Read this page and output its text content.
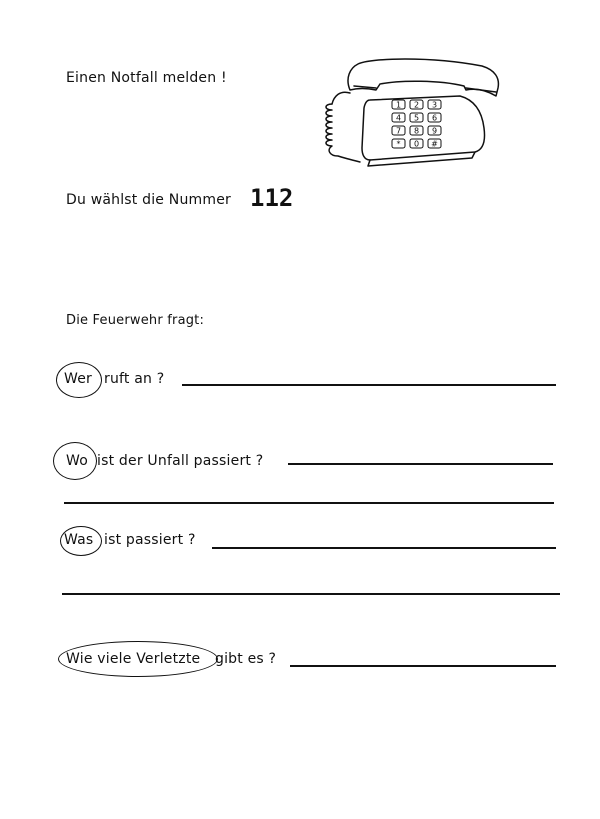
Einen Notfall melden !
1 2 3
4 5 6
7 8 9
* 0 #
Du wählst die Nummer 112
Die Feuerwehr fragt:
Wer ruft an ?
Wo ist der Unfall passiert ?
Was ist passiert ?
Wie viele Verletzte gibt es ?
